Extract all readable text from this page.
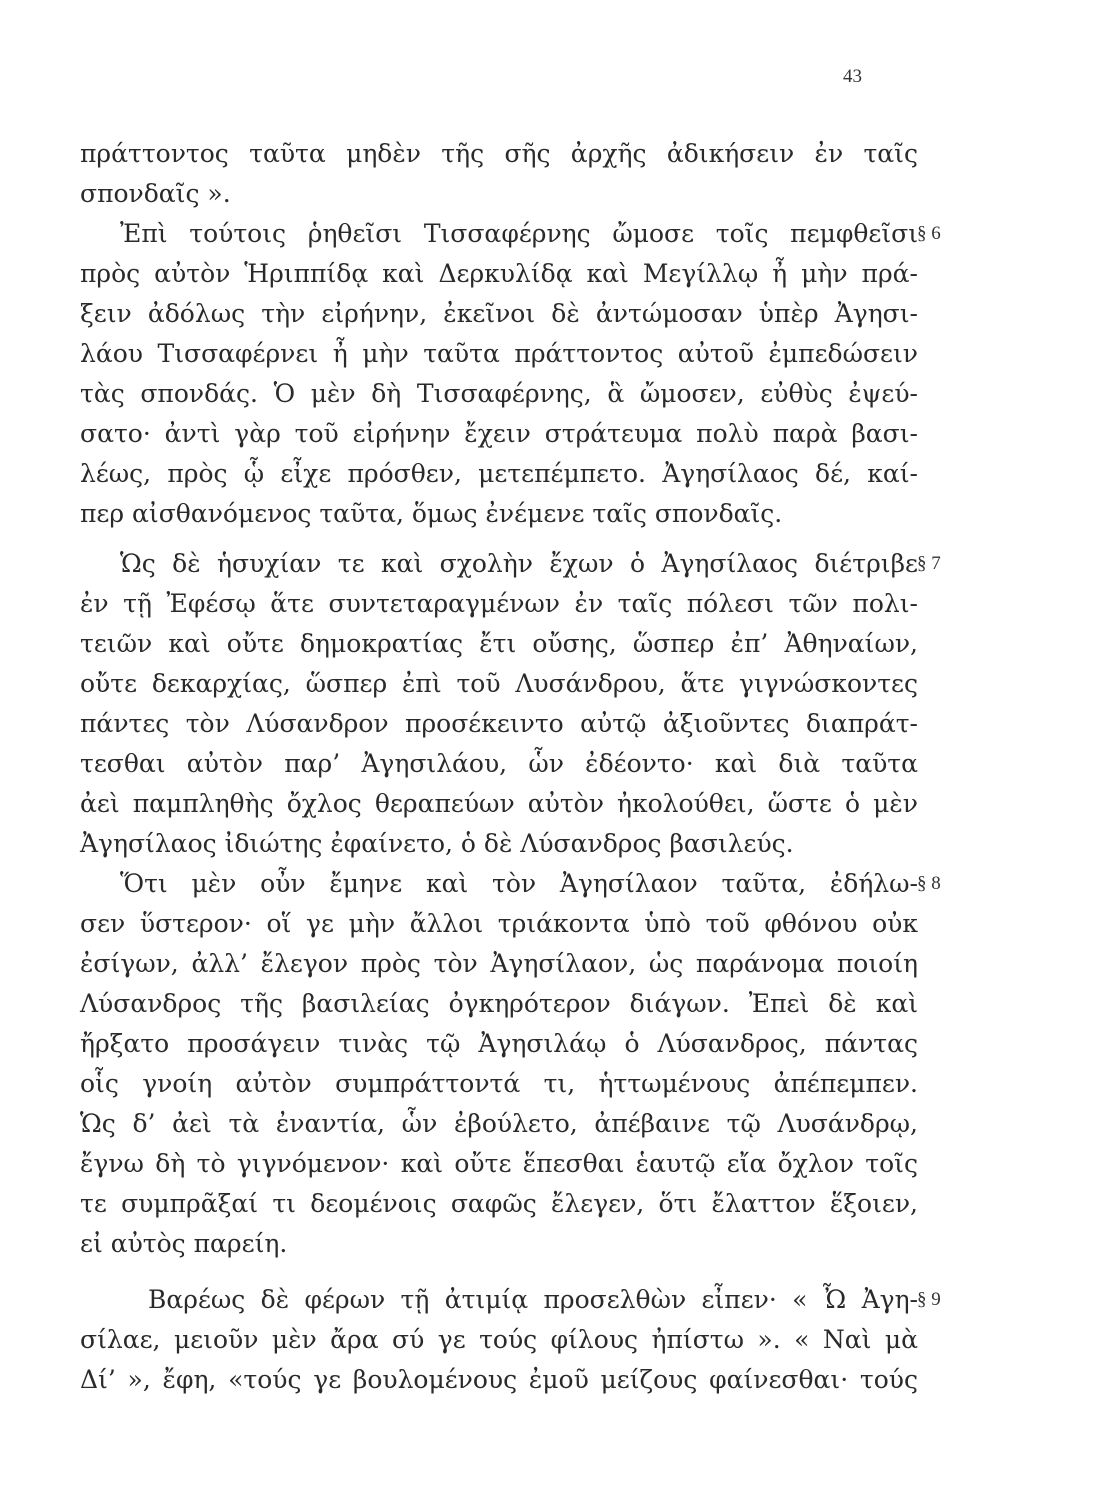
43
πράττοντος ταῦτα μηδὲν τῆς σῆς ἀρχῆς ἀδικήσειν ἐν ταῖς
σπονδαῖς ».
Ἐπὶ τούτοις ῥηθεῖσι Τισσαφέρνης ὤμοσε τοῖς πεμφθεῖσι
πρὸς αὐτὸν Ἡριππίδᾳ καὶ Δερκυλίδᾳ καὶ Μεγίλλῳ ἦ μὴν πρά-
ξειν ἀδόλως τὴν εἰρήνην, ἐκεῖνοι δὲ ἀντώμοσαν ὑπὲρ Ἀγησι-
λάου Τισσαφέρνει ἦ μὴν ταῦτα πράττοντος αὐτοῦ ἐμπεδώσειν
τὰς σπονδάς. Ὁ μὲν δὴ Τισσαφέρνης, ἃ ὤμοσεν, εὐθὺς ἐψεύ-
σατο· ἀντὶ γὰρ τοῦ εἰρήνην ἔχειν στράτευμα πολὺ παρὰ βασι-
λέως, πρὸς ᾧ εἶχε πρόσθεν, μετεπέμπετο. Ἀγησίλαος δέ, καί-
περ αἰσθανόμενος ταῦτα, ὅμως ἐνέμενε ταῖς σπονδαῖς.
Ὡς δὲ ἡσυχίαν τε καὶ σχολὴν ἔχων ὁ Ἀγησίλαος διέτριβε
ἐν τῇ Ἐφέσῳ ἅτε συντεταραγμένων ἐν ταῖς πόλεσι τῶν πολι-
τειῶν καὶ οὔτε δημοκρατίας ἔτι οὔσης, ὥσπερ ἐπ’ Ἀθηναίων,
οὔτε δεκαρχίας, ὥσπερ ἐπὶ τοῦ Λυσάνδρου, ἅτε γιγνώσκοντες
πάντες τὸν Λύσανδρον προσέκειντο αὐτῷ ἀξιοῦντες διαπράτ-
τεσθαι αὐτὸν παρ’ Ἀγησιλάου, ὧν ἐδέοντο· καὶ διὰ ταῦτα
ἀεὶ παμπληθὴς ὄχλος θεραπεύων αὐτὸν ἠκολούθει, ὥστε ὁ μὲν
Ἀγησίλαος ἰδιώτης ἐφαίνετο, ὁ δὲ Λύσανδρος βασιλεύς.
Ὅτι μὲν οὖν ἔμηνε καὶ τὸν Ἀγησίλαον ταῦτα, ἐδήλω-
σεν ὕστερον· οἵ γε μὴν ἄλλοι τριάκοντα ὑπὸ τοῦ φθόνου οὐκ
ἐσίγων, ἀλλ’ ἔλεγον πρὸς τὸν Ἀγησίλαον, ὡς παράνομα ποιοίη
Λύσανδρος τῆς βασιλείας ὀγκηρότερον διάγων. Ἐπεὶ δὲ καὶ
ἤρξατο προσάγειν τινὰς τῷ Ἀγησιλάῳ ὁ Λύσανδρος, πάντας
οἷς γνοίη αὐτὸν συμπράττοντά τι, ἡττωμένους ἀπέπεμπεν.
Ὡς δ’ ἀεὶ τὰ ἐναντία, ὧν ἐβούλετο, ἀπέβαινε τῷ Λυσάνδρῳ,
ἔγνω δὴ τὸ γιγνόμενον· καὶ οὔτε ἕπεσθαι ἑαυτῷ εἴα ὄχλον τοῖς
τε συμπρᾶξαί τι δεομένοις σαφῶς ἔλεγεν, ὅτι ἔλαττον ἕξοιεν,
εἰ αὐτὸς παρείη.
Βαρέως δὲ φέρων τῇ ἀτιμίᾳ προσελθὼν εἶπεν· « Ὦ Ἀγη-
σίλαε, μειοῦν μὲν ἄρα σύ γε τούς φίλους ἠπίστω ». « Ναὶ μὰ
Δί’ », ἔφη, «τούς γε βουλομένους ἐμοῦ μείζους φαίνεσθαι· τούς
§ 6
§ 7
§ 8
§ 9
